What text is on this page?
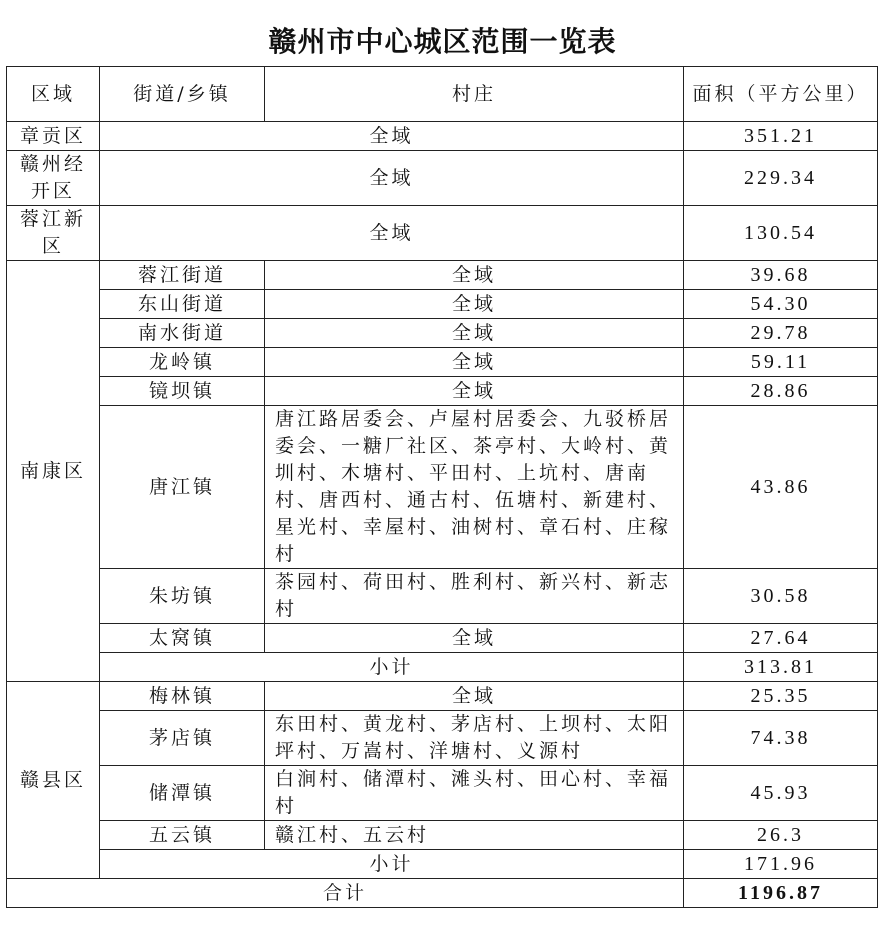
赣州市中心城区范围一览表
区域	街道/乡镇	村庄	面积（平方公里）
章贡区	全域		351.21
赣州经开区	全域		229.34
蓉江新区	全域		130.54
南康区	蓉江街道	全域	39.68
	东山街道	全域	54.30
	南水街道	全域	29.78
	龙岭镇	全域	59.11
	镜坝镇	全域	28.86
	唐江镇	唐江路居委会、卢屋村居委会、九驳桥居委会、一糖厂社区、茶亭村、大岭村、黄圳村、木塘村、平田村、上坑村、唐南村、唐西村、通古村、伍塘村、新建村、星光村、幸屋村、油树村、章石村、庄稼村	43.86
	朱坊镇	茶园村、荷田村、胜利村、新兴村、新志村	30.58
	太窝镇	全域	27.64
	小计		313.81
赣县区	梅林镇	全域	25.35
	茅店镇	东田村、黄龙村、茅店村、上坝村、太阳坪村、万嵩村、洋塘村、义源村	74.38
	储潭镇	白涧村、储潭村、滩头村、田心村、幸福村	45.93
	五云镇	赣江村、五云村	26.3
	小计		171.96
合计			1196.87
